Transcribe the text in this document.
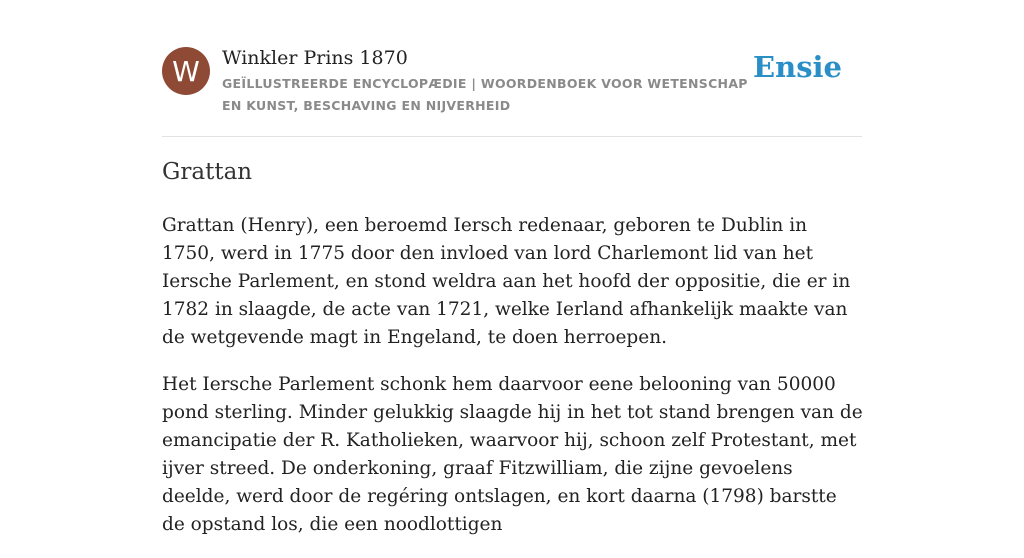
W	Winkler Prins 1870
GEÏLLUSTREERDE ENCYCLOPÆDIE | WOORDENBOEK VOOR WETENSCHAP EN KUNST, BESCHAVING EN NIJVERHEID
Ensie
Grattan

Grattan (Henry), een beroemd Iersch redenaar, geboren te Dublin in 1750, werd in 1775 door den invloed van lord Charlemont lid van het Iersche Parlement, en stond weldra aan het hoofd der oppositie, die er in 1782 in slaagde, de acte van 1721, welke Ierland afhankelijk maakte van de wetgevende magt in Engeland, te doen herroepen.

Het Iersche Parlement schonk hem daarvoor eene belooning van 50000 pond sterling. Minder gelukkig slaagde hij in het tot stand brengen van de emancipatie der R. Katholieken, waarvoor hij, schoon zelf Protestant, met ijver streed. De onderkoning, graaf Fitzwilliam, die zijne gevoelens deelde, werd door de regéring ontslagen, en kort daarna (1798) barstte de opstand los, die een noodlottigen
